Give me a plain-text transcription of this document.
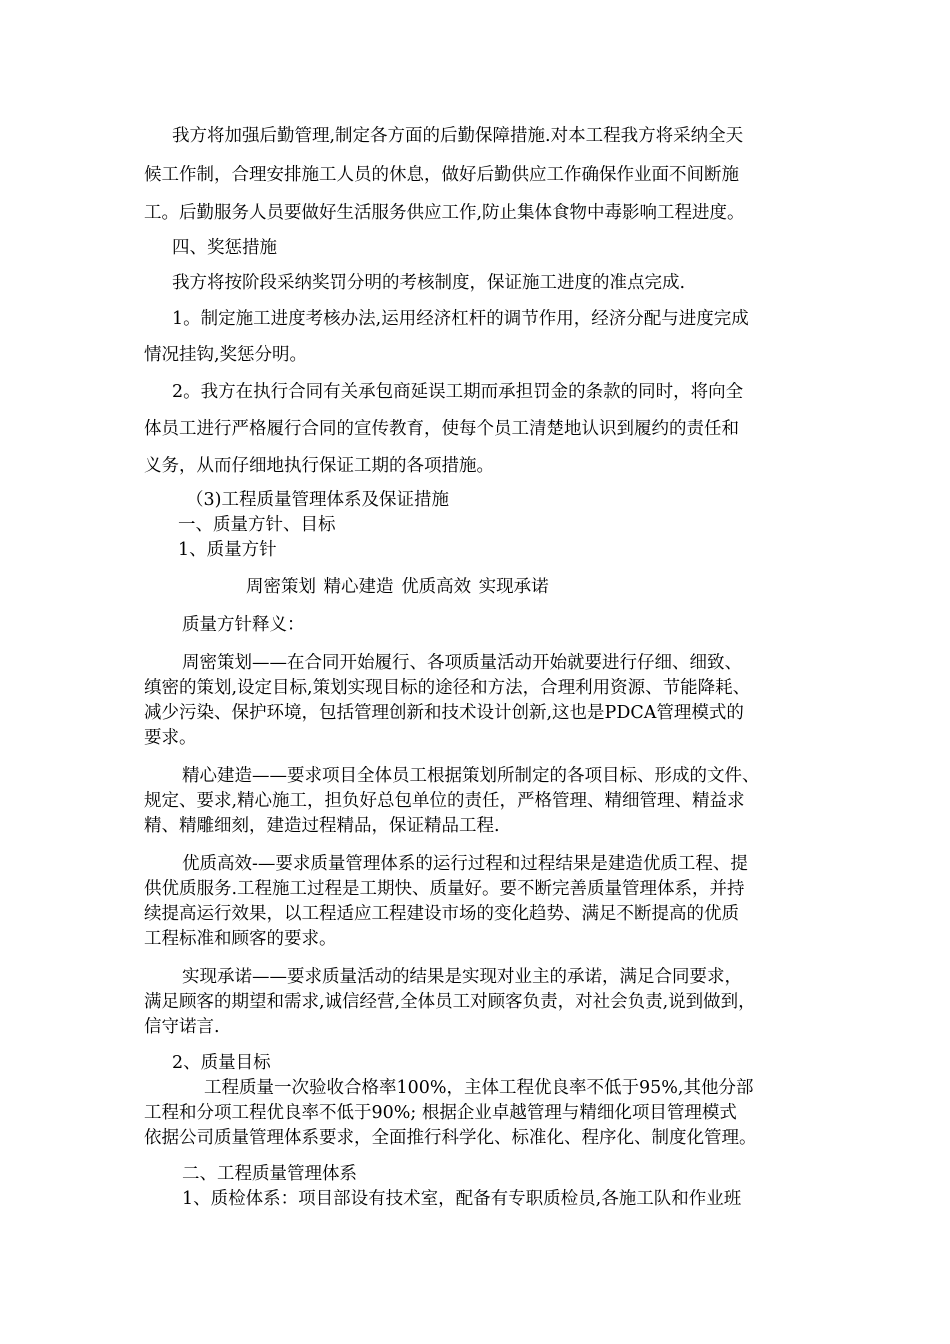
我方将加强后勤管理,制定各方面的后勤保障措施.对本工程我方将采纳全天
候工作制，合理安排施工人员的休息，做好后勤供应工作确保作业面不间断施
工。后勤服务人员要做好生活服务供应工作,防止集体食物中毒影响工程进度。
四、奖惩措施
我方将按阶段采纳奖罚分明的考核制度，保证施工进度的准点完成.
1。制定施工进度考核办法,运用经济杠杆的调节作用，经济分配与进度完成
情况挂钩,奖惩分明。
2。我方在执行合同有关承包商延误工期而承担罚金的条款的同时，将向全
体员工进行严格履行合同的宣传教育，使每个员工清楚地认识到履约的责任和
义务，从而仔细地执行保证工期的各项措施。
（3)工程质量管理体系及保证措施
一、质量方针、目标
1、质量方针
周密策划 精心建造 优质高效 实现承诺
质量方针释义：
周密策划——在合同开始履行、各项质量活动开始就要进行仔细、细致、
缜密的策划,设定目标,策划实现目标的途径和方法，合理利用资源、节能降耗、
减少污染、保护环境，包括管理创新和技术设计创新,这也是PDCA管理模式的
要求。
精心建造——要求项目全体员工根据策划所制定的各项目标、形成的文件、
规定、要求,精心施工，担负好总包单位的责任，严格管理、精细管理、精益求
精、精雕细刻，建造过程精品，保证精品工程.
优质高效-—要求质量管理体系的运行过程和过程结果是建造优质工程、提
供优质服务.工程施工过程是工期快、质量好。要不断完善质量管理体系，并持
续提高运行效果，以工程适应工程建设市场的变化趋势、满足不断提高的优质
工程标准和顾客的要求。
实现承诺——要求质量活动的结果是实现对业主的承诺，满足合同要求，
满足顾客的期望和需求,诚信经营,全体员工对顾客负责，对社会负责,说到做到，
信守诺言.
2、质量目标
工程质量一次验收合格率100%，主体工程优良率不低于95%,其他分部
工程和分项工程优良率不低于90%; 根据企业卓越管理与精细化项目管理模式
依据公司质量管理体系要求，全面推行科学化、标准化、程序化、制度化管理。
二、工程质量管理体系
1、质检体系：项目部设有技术室，配备有专职质检员,各施工队和作业班
